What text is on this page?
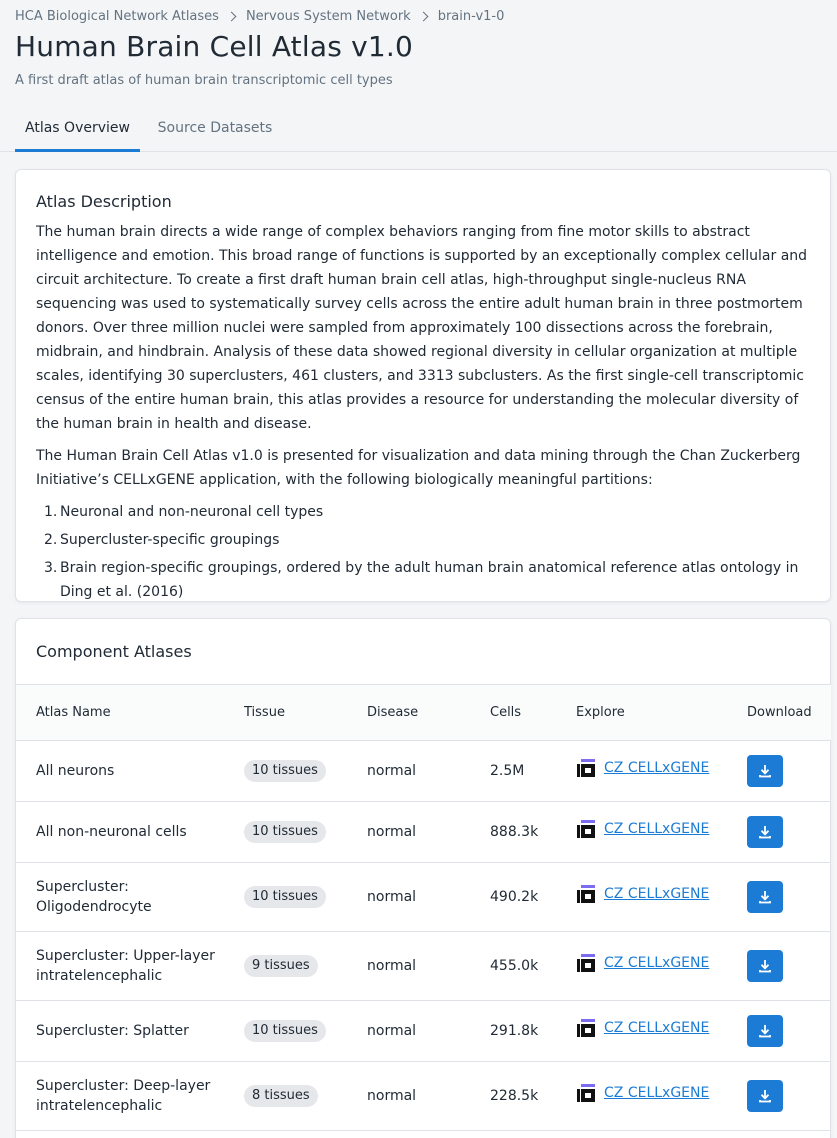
HCA Biological Network Atlases Nervous System Network brain-v1-0
Human Brain Cell Atlas v1.0
A first draft atlas of human brain transcriptomic cell types
Atlas Overview	Source Datasets
Atlas Description

The human brain directs a wide range of complex behaviors ranging from fine motor skills to abstract intelligence and emotion. This broad range of functions is supported by an exceptionally complex cellular and circuit architecture. To create a first draft human brain cell atlas, high-throughput single-nucleus RNA sequencing was used to systematically survey cells across the entire adult human brain in three postmortem donors. Over three million nuclei were sampled from approximately 100 dissections across the forebrain, midbrain, and hindbrain. Analysis of these data showed regional diversity in cellular organization at multiple scales, identifying 30 superclusters, 461 clusters, and 3313 subclusters. As the first single-cell transcriptomic census of the entire human brain, this atlas provides a resource for understanding the molecular diversity of the human brain in health and disease.

The Human Brain Cell Atlas v1.0 is presented for visualization and data mining through the Chan Zuckerberg Initiative’s CELLxGENE application, with the following biologically meaningful partitions:

1. Neuronal and non-neuronal cell types
2. Supercluster-specific groupings
3. Brain region-specific groupings, ordered by the adult human brain anatomical reference atlas ontology in Ding et al. (2016)
Component Atlases
Atlas Name	Tissue	Disease	Cells	Explore	Download
All neurons	10 tissues	normal	2.5M	CZ CELLxGENE

All non-neuronal cells	10 tissues	normal	888.3k	CZ CELLxGENE

Supercluster: Oligodendrocyte	10 tissues	normal	490.2k	CZ CELLxGENE

Supercluster: Upper-layer intratelencephalic	9 tissues	normal	455.0k	CZ CELLxGENE

Supercluster: Splatter	10 tissues	normal	291.8k	CZ CELLxGENE

Supercluster: Deep-layer intratelencephalic	8 tissues	normal	228.5k	CZ CELLxGENE
